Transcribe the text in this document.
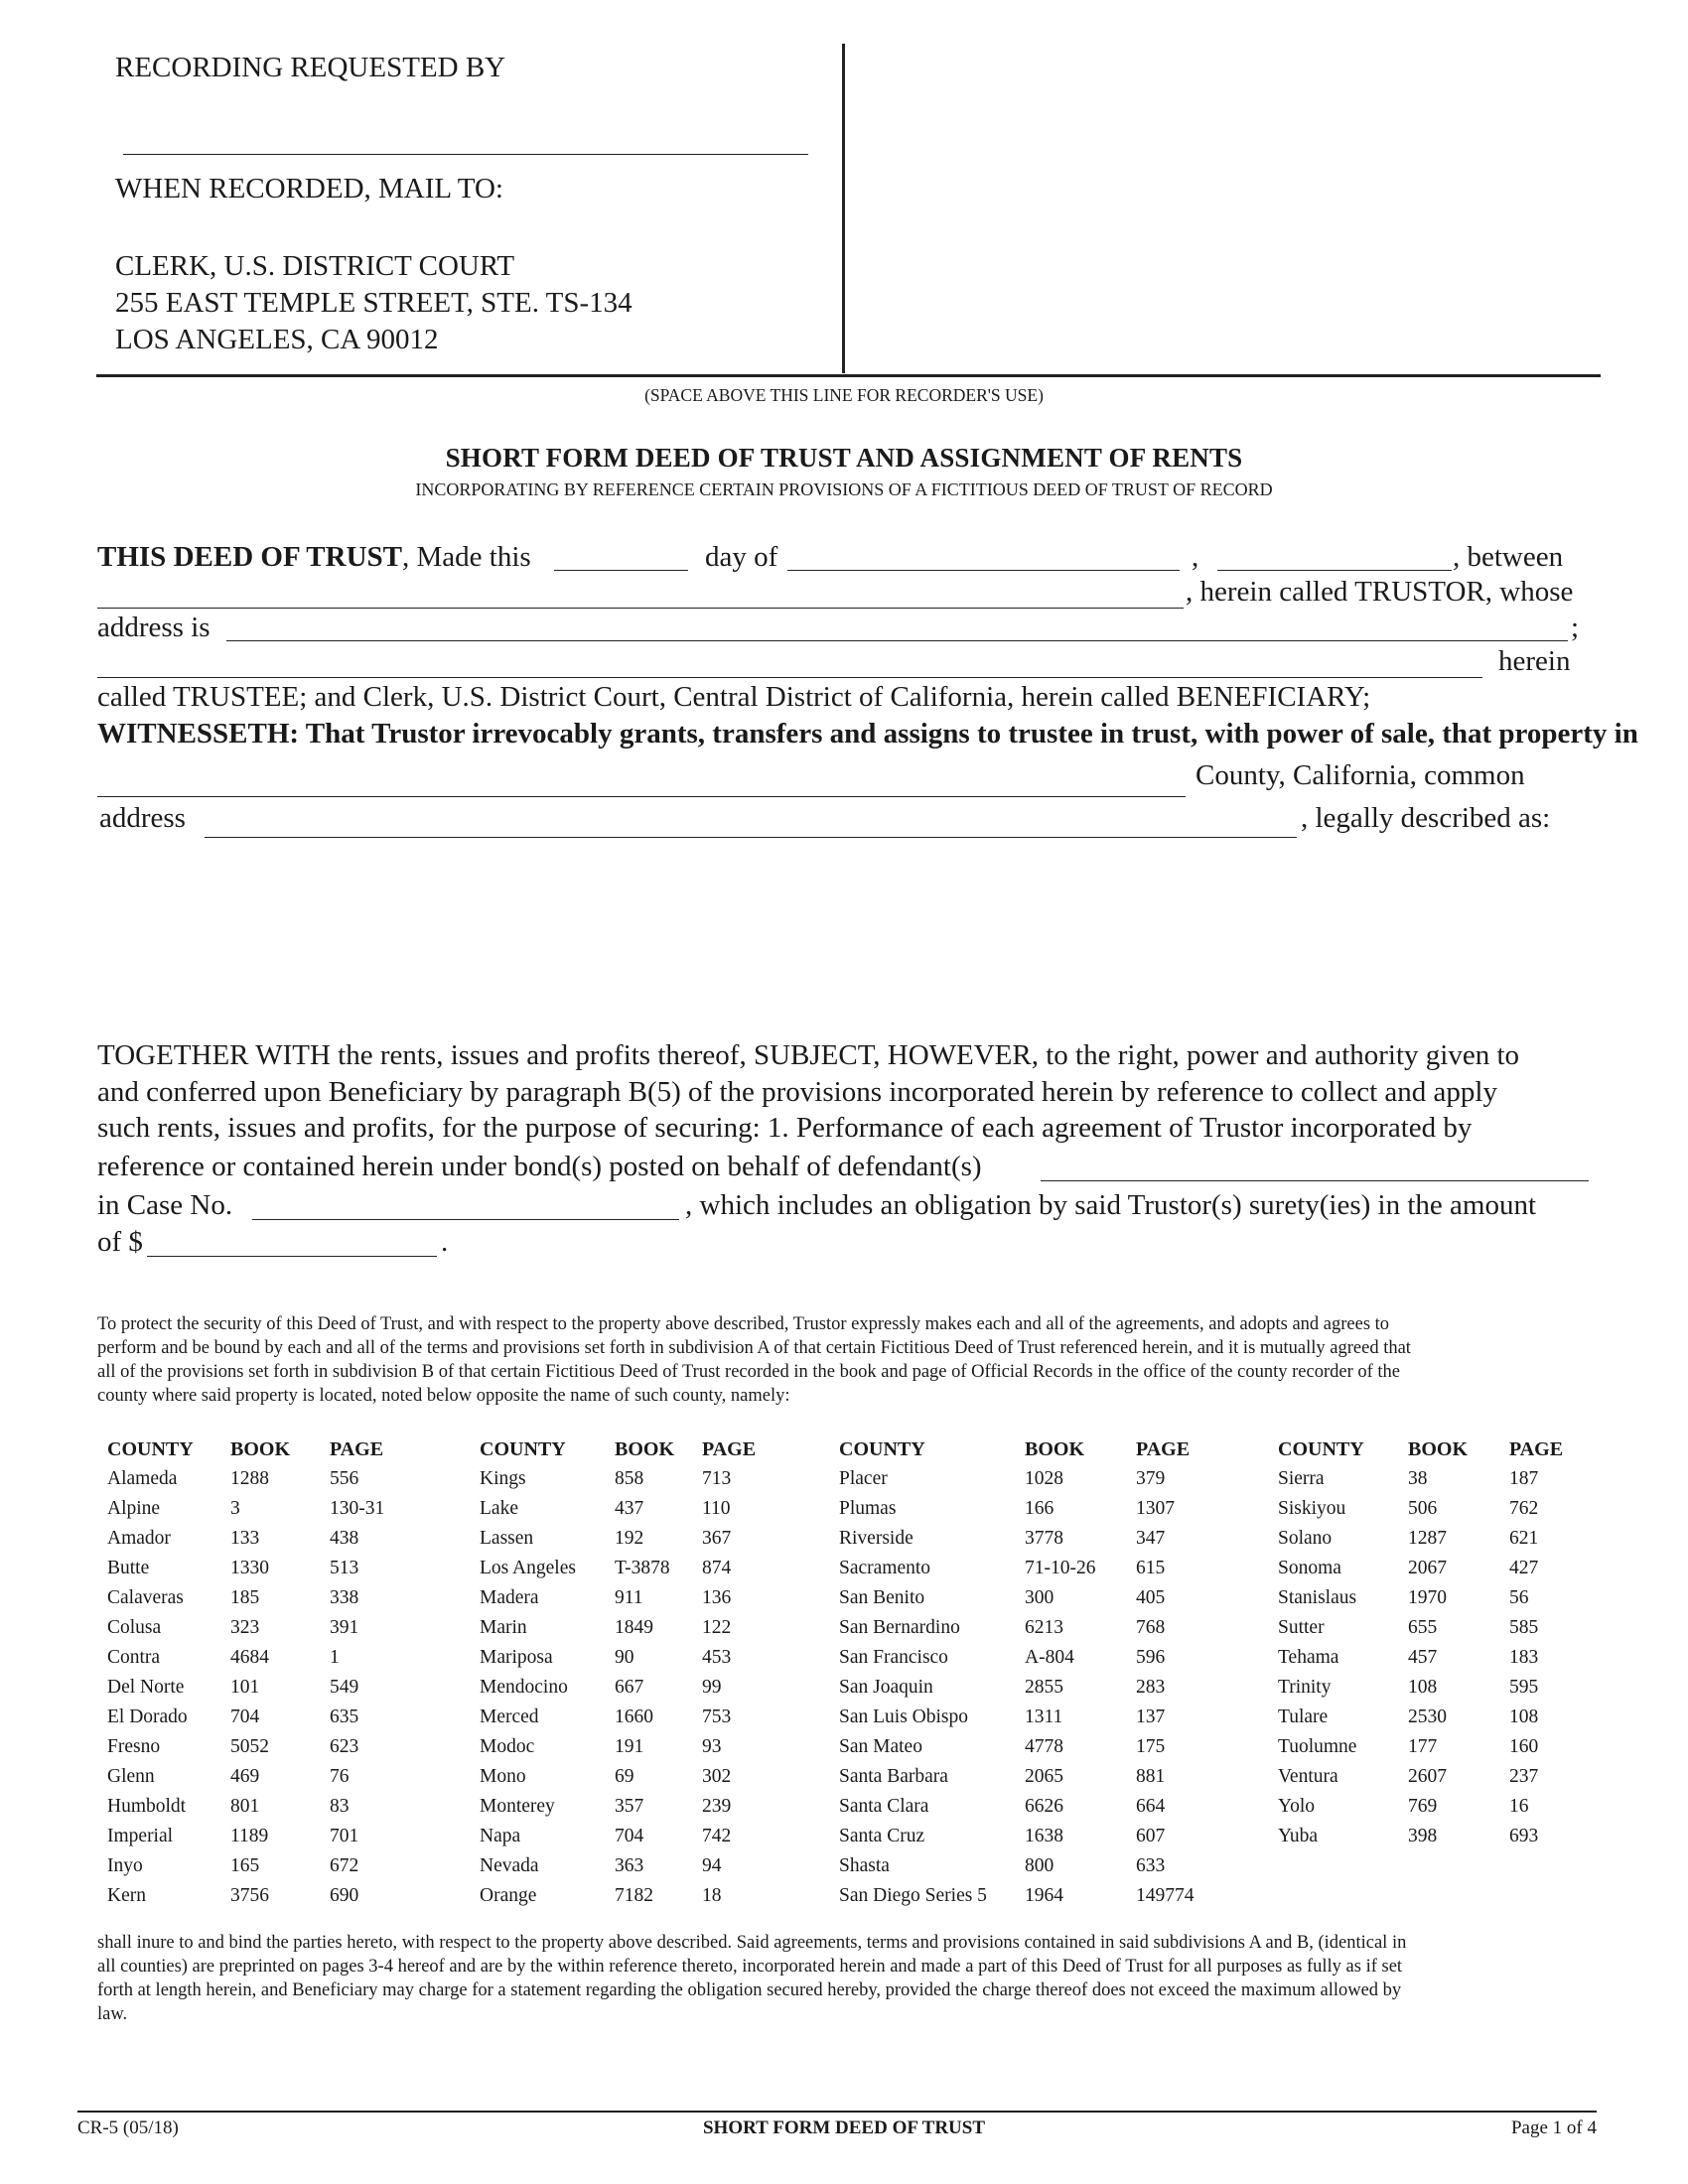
RECORDING REQUESTED BY
WHEN RECORDED, MAIL TO:
CLERK, U.S. DISTRICT COURT
255 EAST TEMPLE STREET, STE. TS-134
LOS ANGELES, CA 90012
(SPACE ABOVE THIS LINE FOR RECORDER'S USE)
SHORT FORM DEED OF TRUST AND ASSIGNMENT OF RENTS
INCORPORATING BY REFERENCE CERTAIN PROVISIONS OF A FICTITIOUS DEED OF TRUST OF RECORD
THIS DEED OF TRUST, Made this	day of	,	, between
, herein called TRUSTOR, whose
address is	;
herein
called TRUSTEE; and Clerk, U.S. District Court, Central District of California, herein called BENEFICIARY;
WITNESSETH: That Trustor irrevocably grants, transfers and assigns to trustee in trust, with power of sale, that property in
County, California, common
address	, legally described as:
TOGETHER WITH the rents, issues and profits thereof, SUBJECT, HOWEVER, to the right, power and authority given to
and conferred upon Beneficiary by paragraph B(5) of the provisions incorporated herein by reference to collect and apply
such rents, issues and profits, for the purpose of securing: 1. Performance of each agreement of Trustor incorporated by
reference or contained herein under bond(s) posted on behalf of defendant(s)
in Case No.	, which includes an obligation by said Trustor(s) surety(ies) in the amount
of $	.
To protect the security of this Deed of Trust, and with respect to the property above described, Trustor expressly makes each and all of the agreements, and adopts and agrees to
perform and be bound by each and all of the terms and provisions set forth in subdivision A of that certain Fictitious Deed of Trust referenced herein, and it is mutually agreed that
all of the provisions set forth in subdivision B of that certain Fictitious Deed of Trust recorded in the book and page of Official Records in the office of the county recorder of the
county where said property is located, noted below opposite the name of such county, namely:
COUNTY	BOOK	PAGE
Alameda	1288	556
Alpine	3	130-31
Amador	133	438
Butte	1330	513
Calaveras	185	338
Colusa	323	391
Contra	4684	1
Del Norte	101	549
El Dorado	704	635
Fresno	5052	623
Glenn	469	76
Humboldt	801	83
Imperial	1189	701
Inyo	165	672
Kern	3756	690
COUNTY	BOOK	PAGE
Kings	858	713
Lake	437	110
Lassen	192	367
Los Angeles	T-3878	874
Madera	911	136
Marin	1849	122
Mariposa	90	453
Mendocino	667	99
Merced	1660	753
Modoc	191	93
Mono	69	302
Monterey	357	239
Napa	704	742
Nevada	363	94
Orange	7182	18
COUNTY	BOOK	PAGE
Placer	1028	379
Plumas	166	1307
Riverside	3778	347
Sacramento	71-10-26	615
San Benito	300	405
San Bernardino	6213	768
San Francisco	A-804	596
San Joaquin	2855	283
San Luis Obispo	1311	137
San Mateo	4778	175
Santa Barbara	2065	881
Santa Clara	6626	664
Santa Cruz	1638	607
Shasta	800	633
San Diego Series 5	1964	149774
COUNTY	BOOK	PAGE
Sierra	38	187
Siskiyou	506	762
Solano	1287	621
Sonoma	2067	427
Stanislaus	1970	56
Sutter	655	585
Tehama	457	183
Trinity	108	595
Tulare	2530	108
Tuolumne	177	160
Ventura	2607	237
Yolo	769	16
Yuba	398	693
shall inure to and bind the parties hereto, with respect to the property above described. Said agreements, terms and provisions contained in said subdivisions A and B, (identical in
all counties) are preprinted on pages 3-4 hereof and are by the within reference thereto, incorporated herein and made a part of this Deed of Trust for all purposes as fully as if set
forth at length herein, and Beneficiary may charge for a statement regarding the obligation secured hereby, provided the charge thereof does not exceed the maximum allowed by
law.
CR-5 (05/18)	SHORT FORM DEED OF TRUST	Page 1 of 4
